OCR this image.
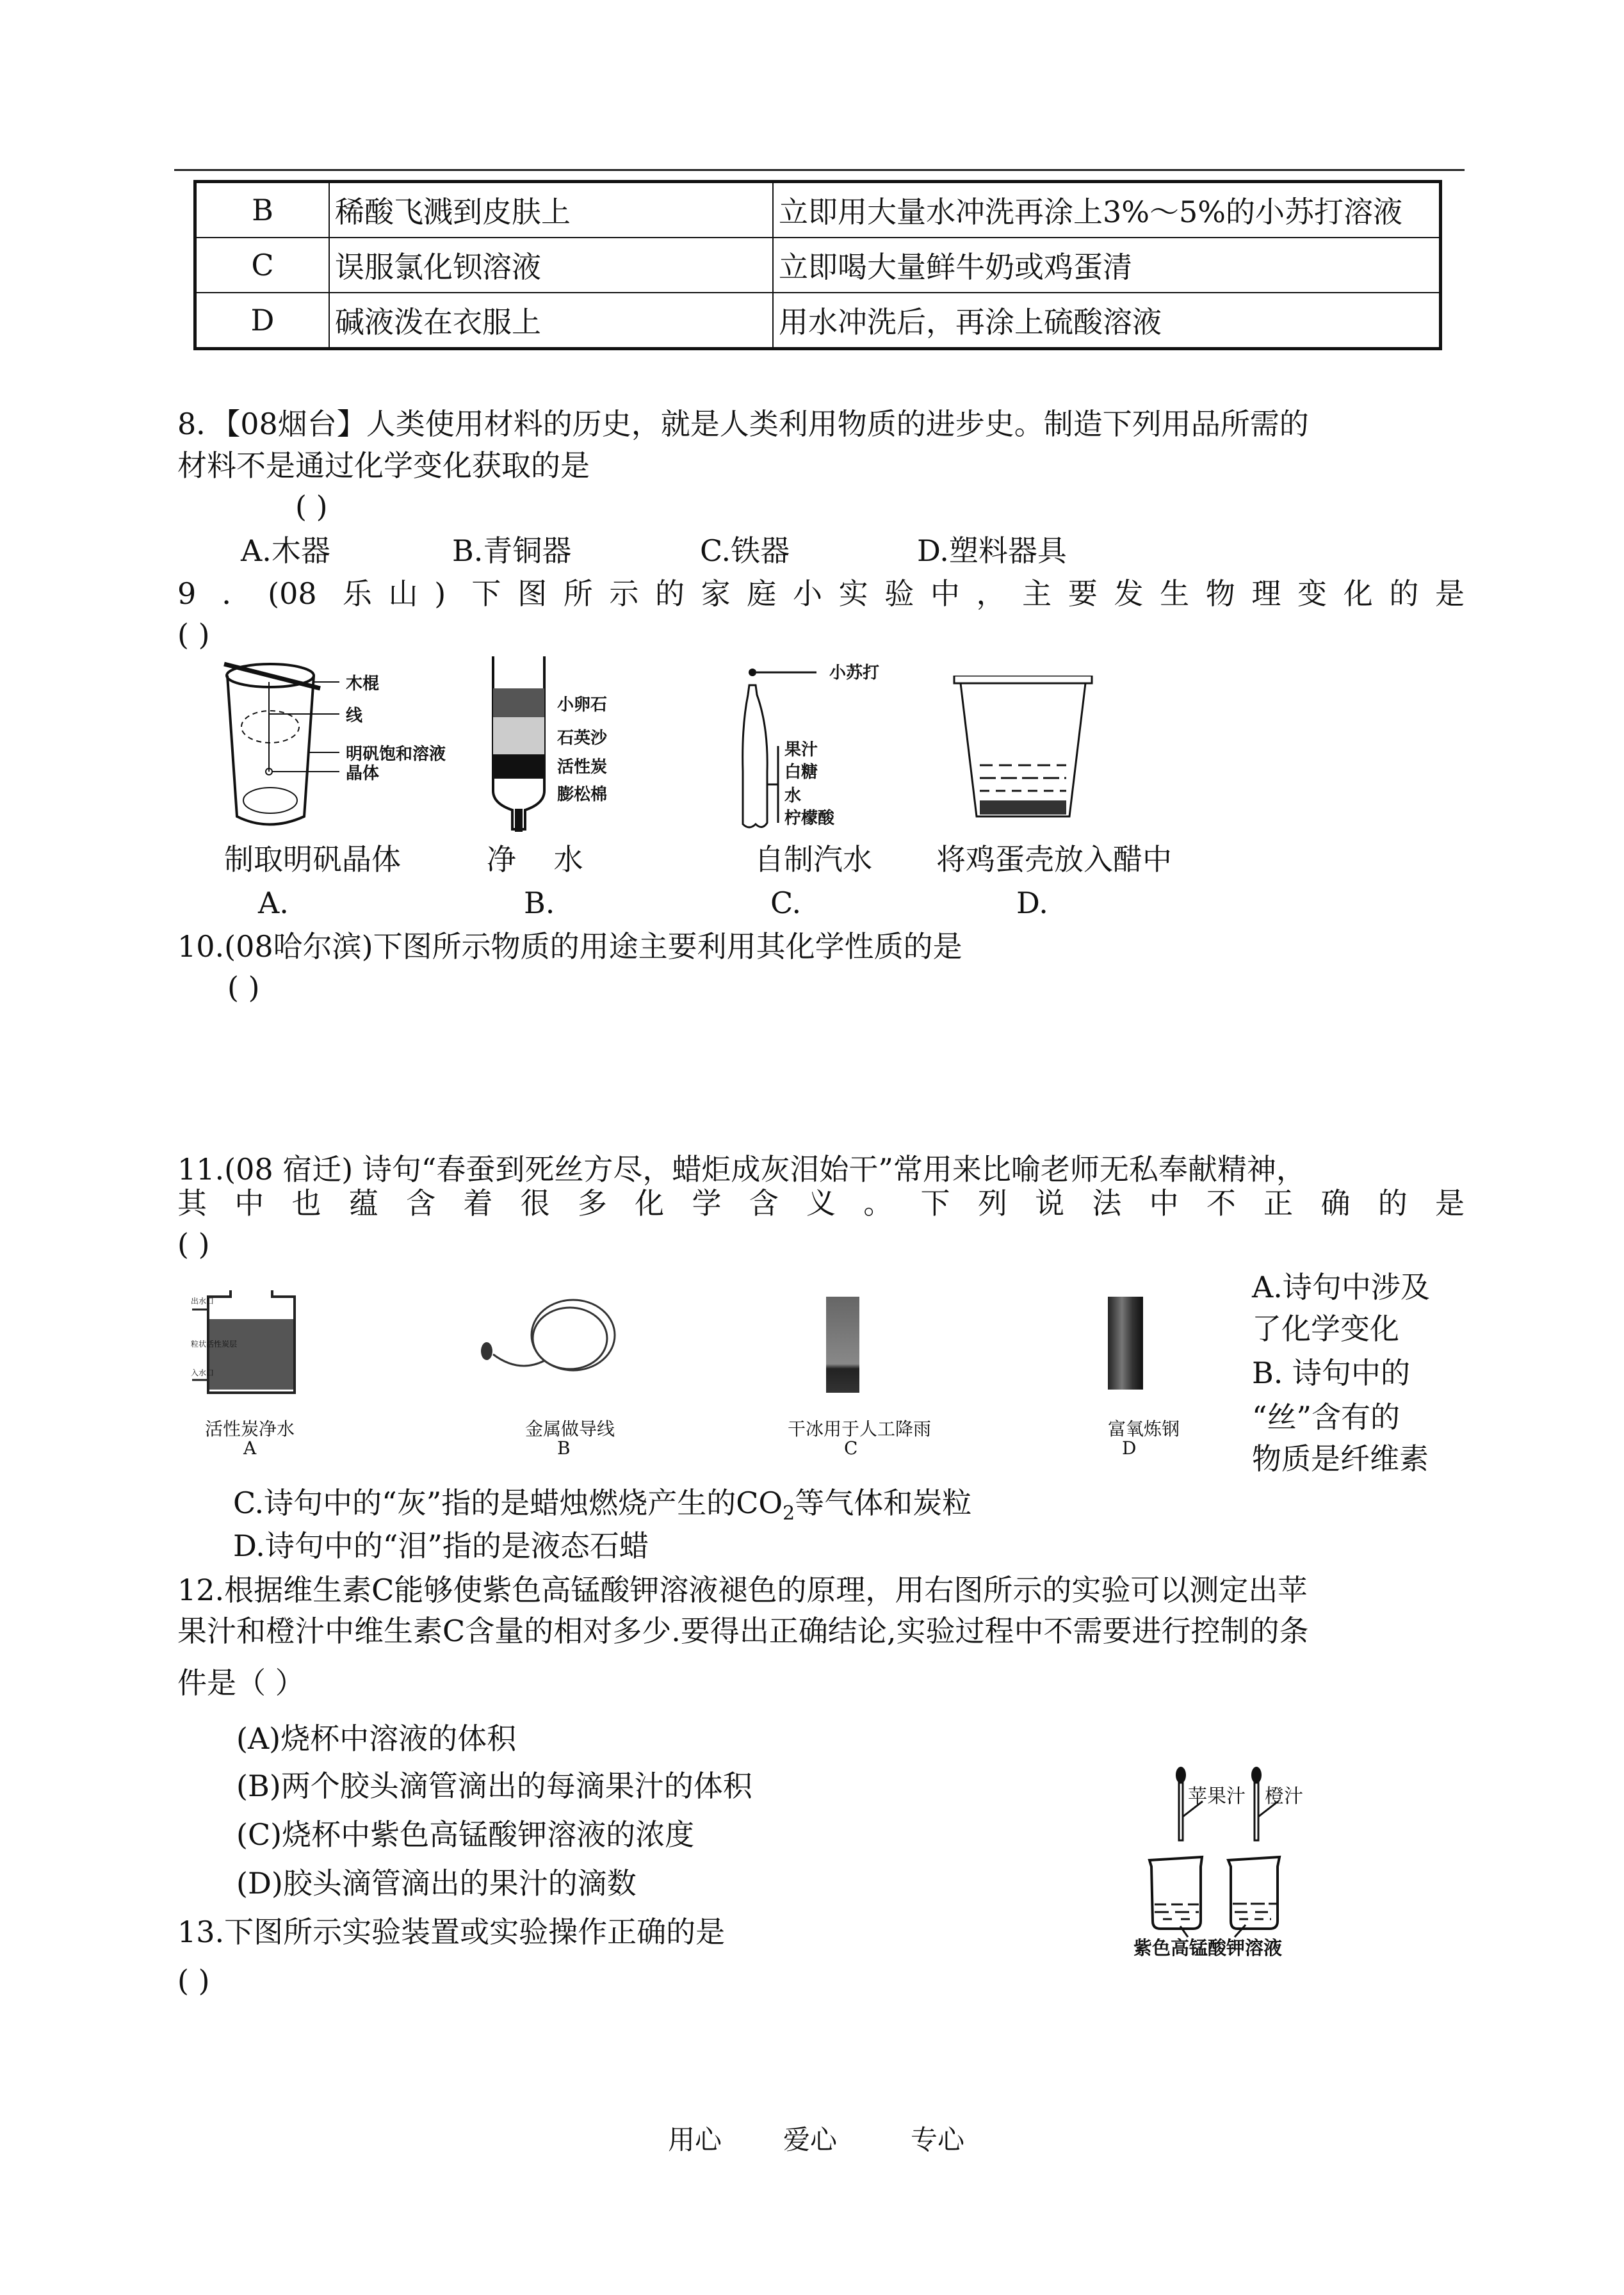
B	稀酸飞溅到皮肤上	立即用大量水冲洗再涂上3%～5%的小苏打溶液
C	误服氯化钡溶液	立即喝大量鲜牛奶或鸡蛋清
D	碱液泼在衣服上	用水冲洗后，再涂上硫酸溶液
8．【08烟台】人类使用材料的历史，就是人类利用物质的进步史。制造下列用品所需的
材料不是通过化学变化获取的是
( )
A.木器	B.青铜器	C.铁器	D.塑料器具
9 ．(08 乐山) 下图所示的家庭小实验中，主要发生物理变化的是
( )
木棍
线
明矾饱和溶液
晶体
小卵石
石英沙
活性炭
膨松棉
小苏打
果汁
白糖
水
柠檬酸
制取明矾晶体	净    水	自制汽水 将鸡蛋壳放入醋中
A.	B.	C.	D.
10.(08哈尔滨)下图所示物质的用途主要利用其化学性质的是
( )
11.(08 宿迁) 诗句“春蚕到死丝方尽，蜡炬成灰泪始干”常用来比喻老师无私奉献精神，
其中也蕴含着很多化学含义。下列说法中不正确的是
( )
活性炭净水
A
出水口
粒状活性炭层
入水口
金属做导线
B
干冰用于人工降雨
C
富氧炼钢
D
A.诗句中涉及
了化学变化
B. 诗句中的
“丝”含有的
物质是纤维素
C.诗句中的“灰”指的是蜡烛燃烧产生的$CO_2$等气体和炭粒
D.诗句中的“泪”指的是液态石蜡
12.根据维生素C能够使紫色高锰酸钾溶液褪色的原理，用右图所示的实验可以测定出苹
果汁和橙汁中维生素C含量的相对多少.要得出正确结论,实验过程中不需要进行控制的条
件是（ ）
(A)烧杯中溶液的体积
(B)两个胶头滴管滴出的每滴果汁的体积
(C)烧杯中紫色高锰酸钾溶液的浓度
(D)胶头滴管滴出的果汁的滴数
苹果汁 橙汁
紫色高锰酸钾溶液
13.下图所示实验装置或实验操作正确的是
( )
用心 爱心	专心
